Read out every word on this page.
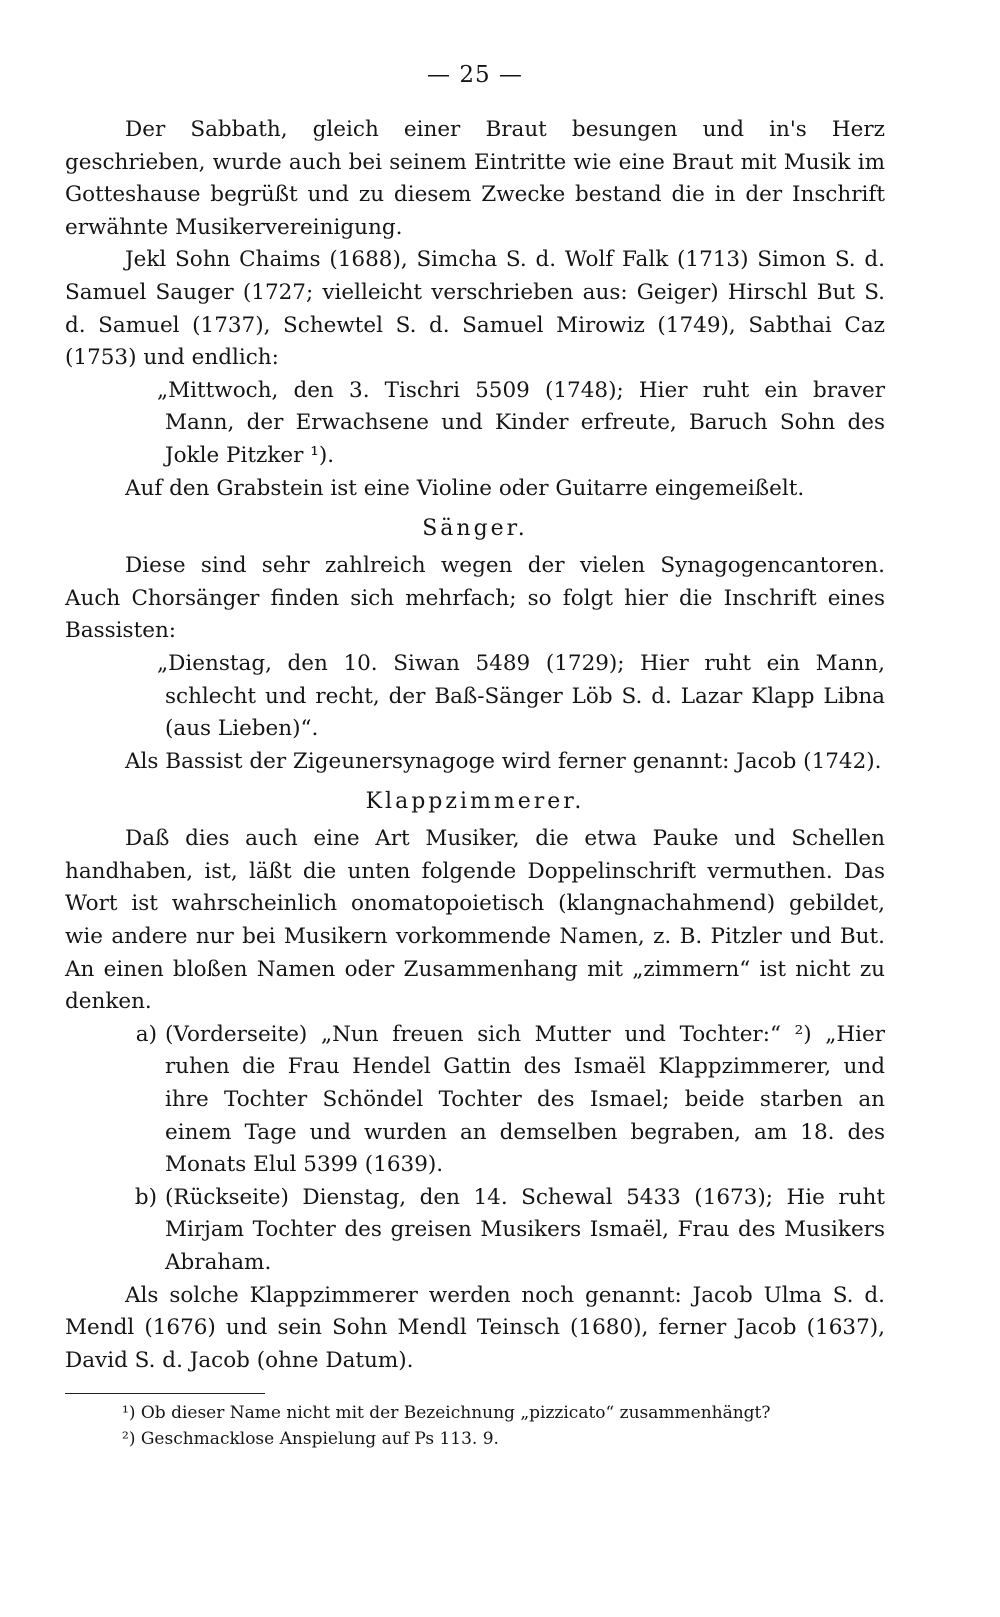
— 25 —

Der Sabbath, gleich einer Braut besungen und in's Herz geschrieben, wurde auch bei seinem Eintritte wie eine Braut mit Musik im Gotteshause begrüßt und zu diesem Zwecke bestand die in der Inschrift erwähnte Musikervereinigung.

Jekl Sohn Chaims (1688), Simcha S. d. Wolf Falk (1713) Simon S. d. Samuel Sauger (1727; vielleicht verschrieben aus: Geiger) Hirschl But S. d. Samuel (1737), Schewtel S. d. Samuel Mirowiz (1749), Sabthai Caz (1753) und endlich:

„Mittwoch, den 3. Tischri 5509 (1748); Hier ruht ein braver Mann, der Erwachsene und Kinder erfreute, Baruch Sohn des Jokle Pitzker ¹).

Auf den Grabstein ist eine Violine oder Guitarre eingemeißelt.

Sänger.

Diese sind sehr zahlreich wegen der vielen Synagogencantoren. Auch Chorsänger finden sich mehrfach; so folgt hier die Inschrift eines Bassisten:

„Dienstag, den 10. Siwan 5489 (1729); Hier ruht ein Mann, schlecht und recht, der Baß-Sänger Löb S. d. Lazar Klapp Libna (aus Lieben)“.

Als Bassist der Zigeunersynagoge wird ferner genannt: Jacob (1742).

Klappzimmerer.

Daß dies auch eine Art Musiker, die etwa Pauke und Schellen handhaben, ist, läßt die unten folgende Doppelinschrift vermuthen. Das Wort ist wahrscheinlich onomatopoietisch (klangnachahmend) gebildet, wie andere nur bei Musikern vorkommende Namen, z. B. Pitzler und But. An einen bloßen Namen oder Zusammenhang mit „zimmern“ ist nicht zu denken.

a) (Vorderseite) „Nun freuen sich Mutter und Tochter:“ ²) „Hier ruhen die Frau Hendel Gattin des Ismaël Klappzimmerer, und ihre Tochter Schöndel Tochter des Ismael; beide starben an einem Tage und wurden an demselben begraben, am 18. des Monats Elul 5399 (1639).

b) (Rückseite) Dienstag, den 14. Schewal 5433 (1673); Hie ruht Mirjam Tochter des greisen Musikers Ismaël, Frau des Musikers Abraham.

Als solche Klappzimmerer werden noch genannt: Jacob Ulma S. d. Mendl (1676) und sein Sohn Mendl Teinsch (1680), ferner Jacob (1637), David S. d. Jacob (ohne Datum).

¹) Ob dieser Name nicht mit der Bezeichnung „pizzicato“ zusammenhängt?

²) Geschmacklose Anspielung auf Ps 113. 9.
